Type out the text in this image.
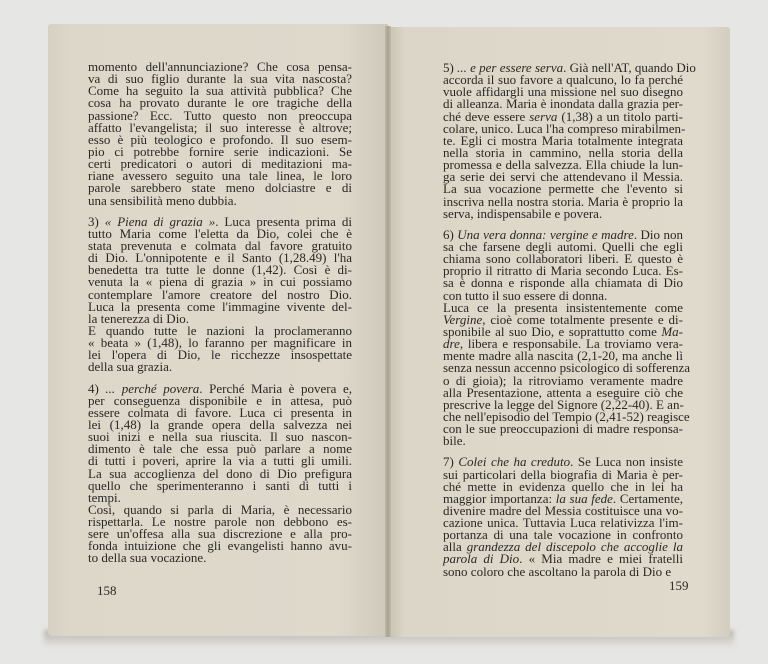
momento dell'annunciazione? Che cosa pensa-
va di suo figlio durante la sua vita nascosta?
Come ha seguito la sua attività pubblica? Che
cosa ha provato durante le ore tragiche della
passione? Ecc. Tutto questo non preoccupa
affatto l'evangelista; il suo interesse è altrove;
esso è più teologico e profondo. Il suo esem-
pio ci potrebbe fornire serie indicazioni. Se
certi predicatori o autori di meditazioni ma-
riane avessero seguito una tale linea, le loro
parole sarebbero state meno dolciastre e di
una sensibilità meno dubbia.
3) « Piena di grazia ». Luca presenta prima di
tutto Maria come l'eletta da Dio, colei che è
stata prevenuta e colmata dal favore gratuito
di Dio. L'onnipotente e il Santo (1,28.49) l'ha
benedetta tra tutte le donne (1,42). Così è di-
venuta la « piena di grazia » in cui possiamo
contemplare l'amore creatore del nostro Dio.
Luca la presenta come l'immagine vivente del-
la tenerezza di Dio.
E quando tutte le nazioni la proclameranno
« beata » (1,48), lo faranno per magnificare in
lei l'opera di Dio, le ricchezze insospettate
della sua grazia.
4) ... perché povera. Perché Maria è povera e,
per conseguenza disponibile e in attesa, può
essere colmata di favore. Luca ci presenta in
lei (1,48) la grande opera della salvezza nei
suoi inizi e nella sua riuscita. Il suo nascon-
dimento è tale che essa può parlare a nome
di tutti i poveri, aprire la via a tutti gli umili.
La sua accoglienza del dono di Dio prefigura
quello che sperimenteranno i santi di tutti i
tempi.
Così, quando si parla di Maria, è necessario
rispettarla. Le nostre parole non debbono es-
sere un'offesa alla sua discrezione e alla pro-
fonda intuizione che gli evangelisti hanno avu-
to della sua vocazione.
158
5) ... e per essere serva. Già nell'AT, quando Dio
accorda il suo favore a qualcuno, lo fa perché
vuole affidargli una missione nel suo disegno
di alleanza. Maria è inondata dalla grazia per-
ché deve essere serva (1,38) a un titolo parti-
colare, unico. Luca l'ha compreso mirabilmen-
te. Egli ci mostra Maria totalmente integrata
nella storia in cammino, nella storia della
promessa e della salvezza. Ella chiude la lun-
ga serie dei servi che attendevano il Messia.
La sua vocazione permette che l'evento si
inscriva nella nostra storia. Maria è proprio la
serva, indispensabile e povera.
6) Una vera donna: vergine e madre. Dio non
sa che farsene degli automi. Quelli che egli
chiama sono collaboratori liberi. E questo è
proprio il ritratto di Maria secondo Luca. Es-
sa è donna e risponde alla chiamata di Dio
con tutto il suo essere di donna.
Luca ce la presenta insistentemente come
Vergine, cioè come totalmente presente e di-
sponibile al suo Dio, e soprattutto come Ma-
dre, libera e responsabile. La troviamo vera-
mente madre alla nascita (2,1-20, ma anche lì
senza nessun accenno psicologico di sofferenza
o di gioia); la ritroviamo veramente madre
alla Presentazione, attenta a eseguire ciò che
prescrive la legge del Signore (2,22-40). E an-
che nell'episodio del Tempio (2,41-52) reagisce
con le sue preoccupazioni di madre responsa-
bile.
7) Colei che ha creduto. Se Luca non insiste
sui particolari della biografia di Maria è per-
ché mette in evidenza quello che in lei ha
maggior importanza: la sua fede. Certamente,
divenire madre del Messia costituisce una vo-
cazione unica. Tuttavia Luca relativizza l'im-
portanza di una tale vocazione in confronto
alla grandezza del discepolo che accoglie la
parola di Dio. « Mia madre e miei fratelli
sono coloro che ascoltano la parola di Dio e
159
